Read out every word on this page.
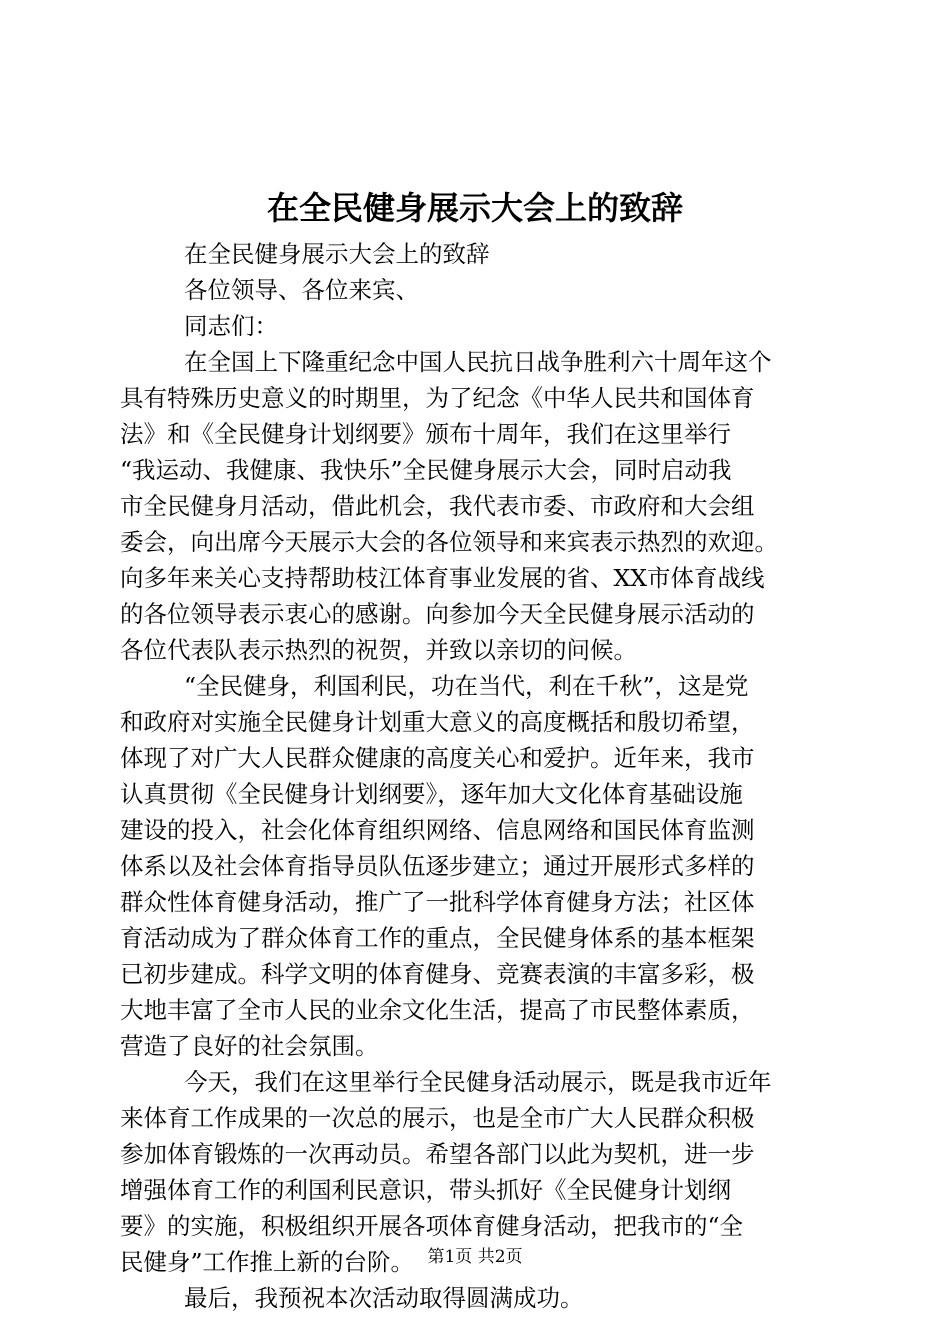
在全民健身展示大会上的致辞

在全民健身展示大会上的致辞

各位领导、各位来宾、

同志们：

在全国上下隆重纪念中国人民抗日战争胜利六十周年这个

具有特殊历史意义的时期里，为了纪念《中华人民共和国体育

法》和《全民健身计划纲要》颁布十周年，我们在这里举行

“我运动、我健康、我快乐”全民健身展示大会，同时启动我

市全民健身月活动，借此机会，我代表市委、市政府和大会组

委会，向出席今天展示大会的各位领导和来宾表示热烈的欢迎。

向多年来关心支持帮助枝江体育事业发展的省、XX市体育战线

的各位领导表示衷心的感谢。向参加今天全民健身展示活动的

各位代表队表示热烈的祝贺，并致以亲切的问候。

“全民健身，利国利民，功在当代，利在千秋”，这是党

和政府对实施全民健身计划重大意义的高度概括和殷切希望，

体现了对广大人民群众健康的高度关心和爱护。近年来，我市

认真贯彻《全民健身计划纲要》，逐年加大文化体育基础设施

建设的投入，社会化体育组织网络、信息网络和国民体育监测

体系以及社会体育指导员队伍逐步建立；通过开展形式多样的

群众性体育健身活动，推广了一批科学体育健身方法；社区体

育活动成为了群众体育工作的重点，全民健身体系的基本框架

已初步建成。科学文明的体育健身、竞赛表演的丰富多彩，极

大地丰富了全市人民的业余文化生活，提高了市民整体素质，

营造了良好的社会氛围。

今天，我们在这里举行全民健身活动展示，既是我市近年

来体育工作成果的一次总的展示，也是全市广大人民群众积极

参加体育锻炼的一次再动员。希望各部门以此为契机，进一步

增强体育工作的利国利民意识，带头抓好《全民健身计划纲

要》的实施，积极组织开展各项体育健身活动，把我市的“全

民健身”工作推上新的台阶。

最后，我预祝本次活动取得圆满成功。

第1页 共2页
